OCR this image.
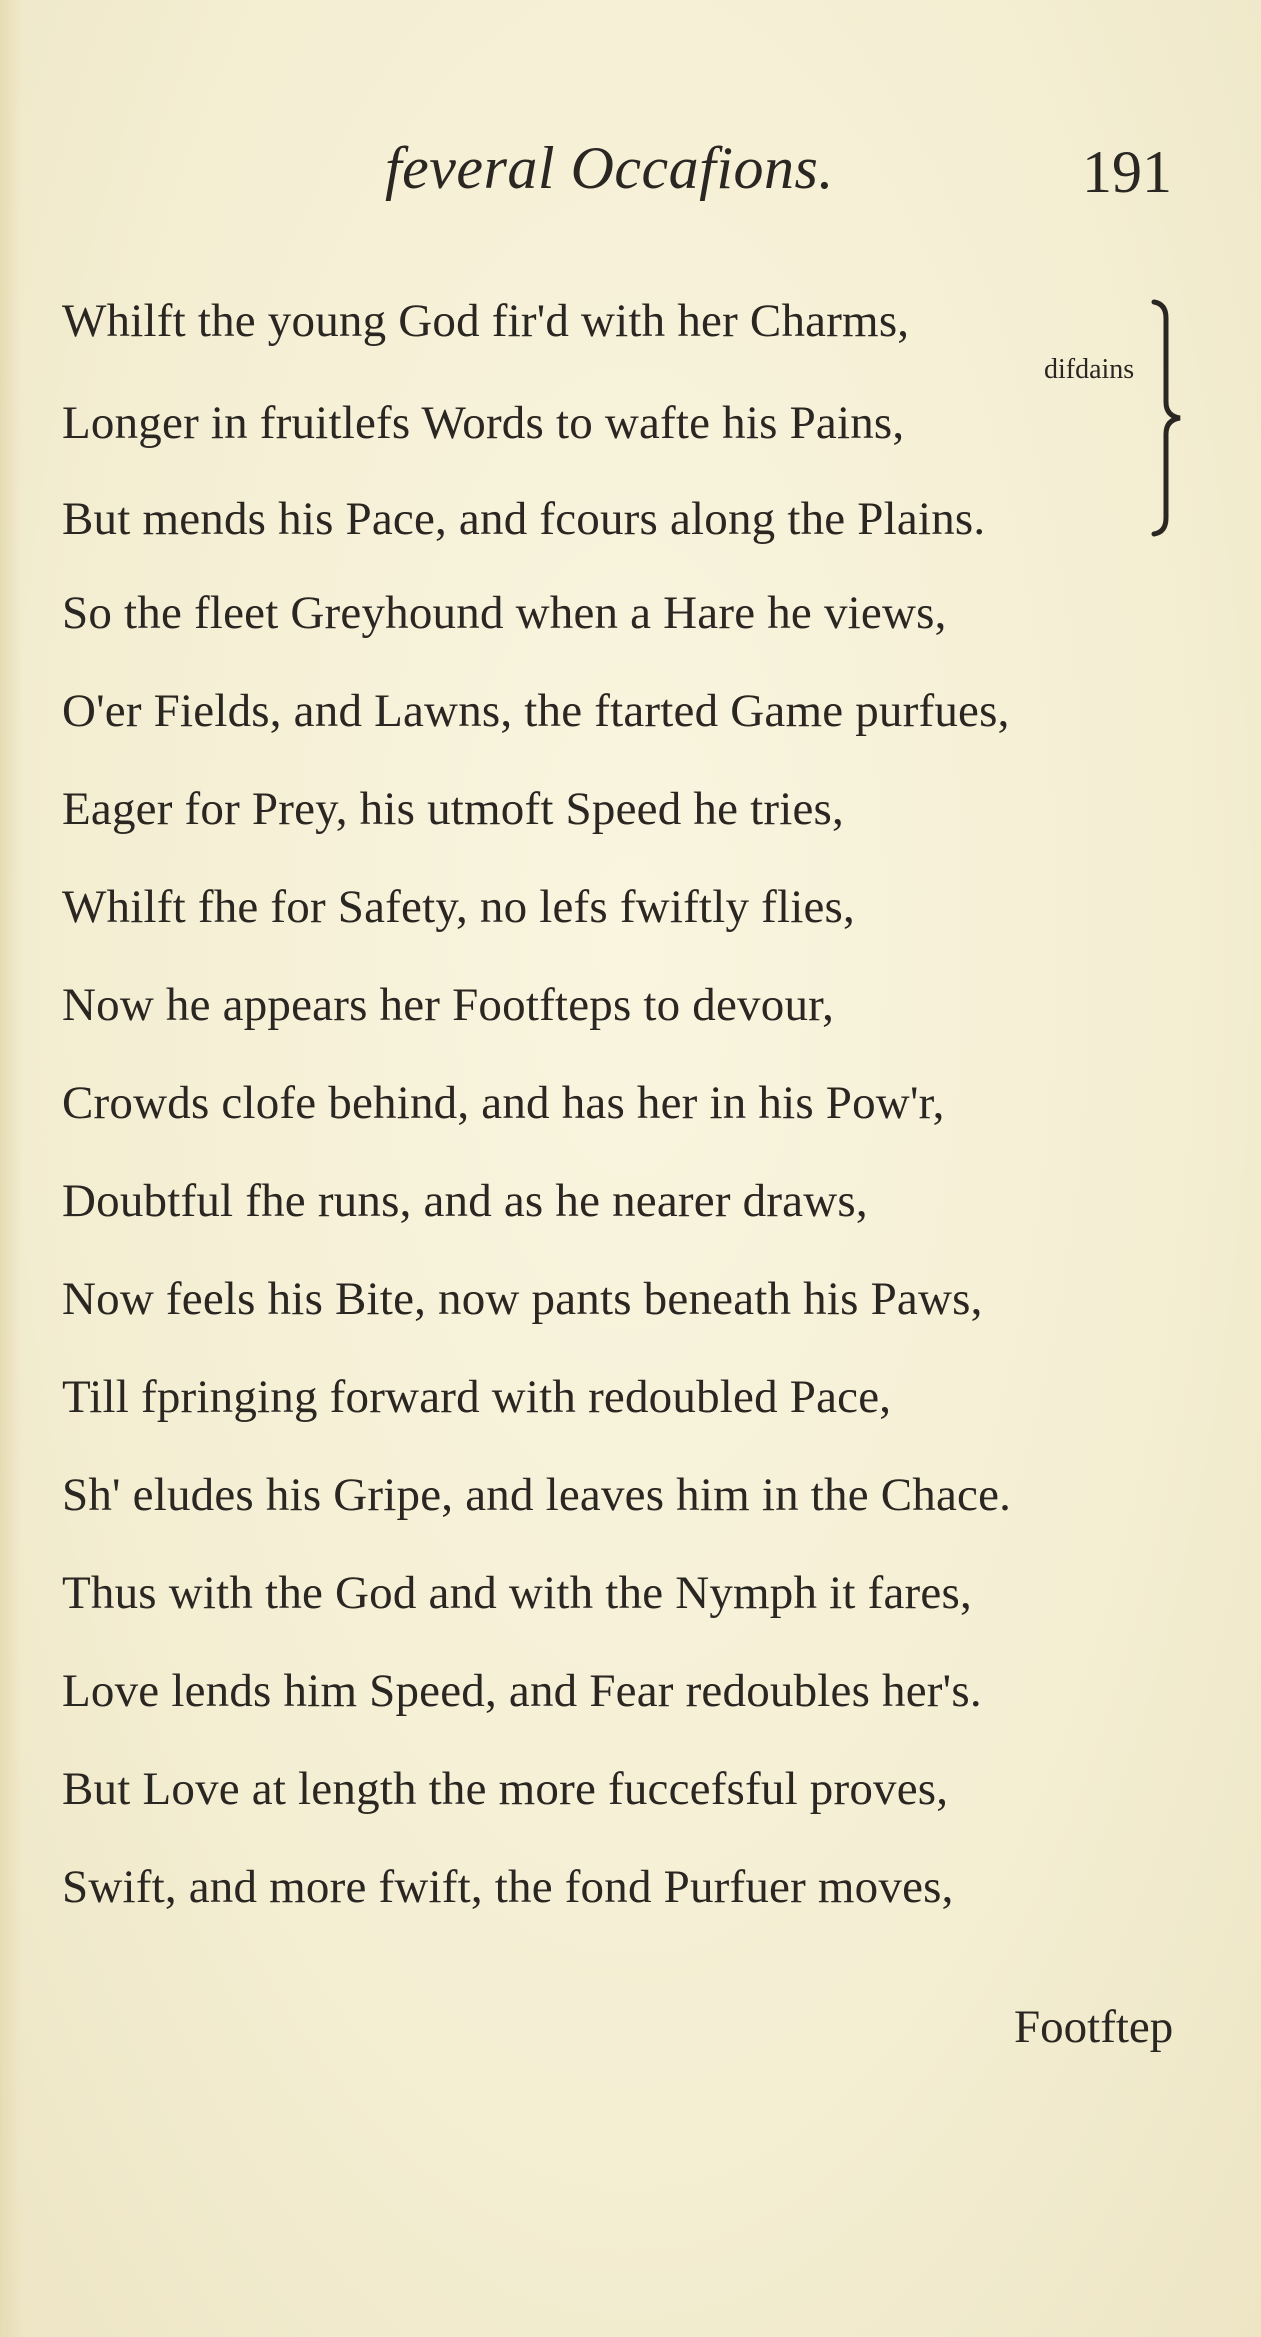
feveral Occafions.	191
Whilft the young God fir'd with her Charms,
difdains
Longer in fruitlefs Words to wafte his Pains,
But mends his Pace, and fcours along the Plains.
So the fleet Greyhound when a Hare he views,
O'er Fields, and Lawns, the ftarted Game purfues,
Eager for Prey, his utmoft Speed he tries,
Whilft fhe for Safety, no lefs fwiftly flies,
Now he appears her Footfteps to devour,
Crowds clofe behind, and has her in his Pow'r,
Doubtful fhe runs, and as he nearer draws,
Now feels his Bite, now pants beneath his Paws,
Till fpringing forward with redoubled Pace,
Sh' eludes his Gripe, and leaves him in the Chace.
Thus with the God and with the Nymph it fares,
Love lends him Speed, and Fear redoubles her's.
But Love at length the more fuccefsful proves,
Swift, and more fwift, the fond Purfuer moves,
Footftep
